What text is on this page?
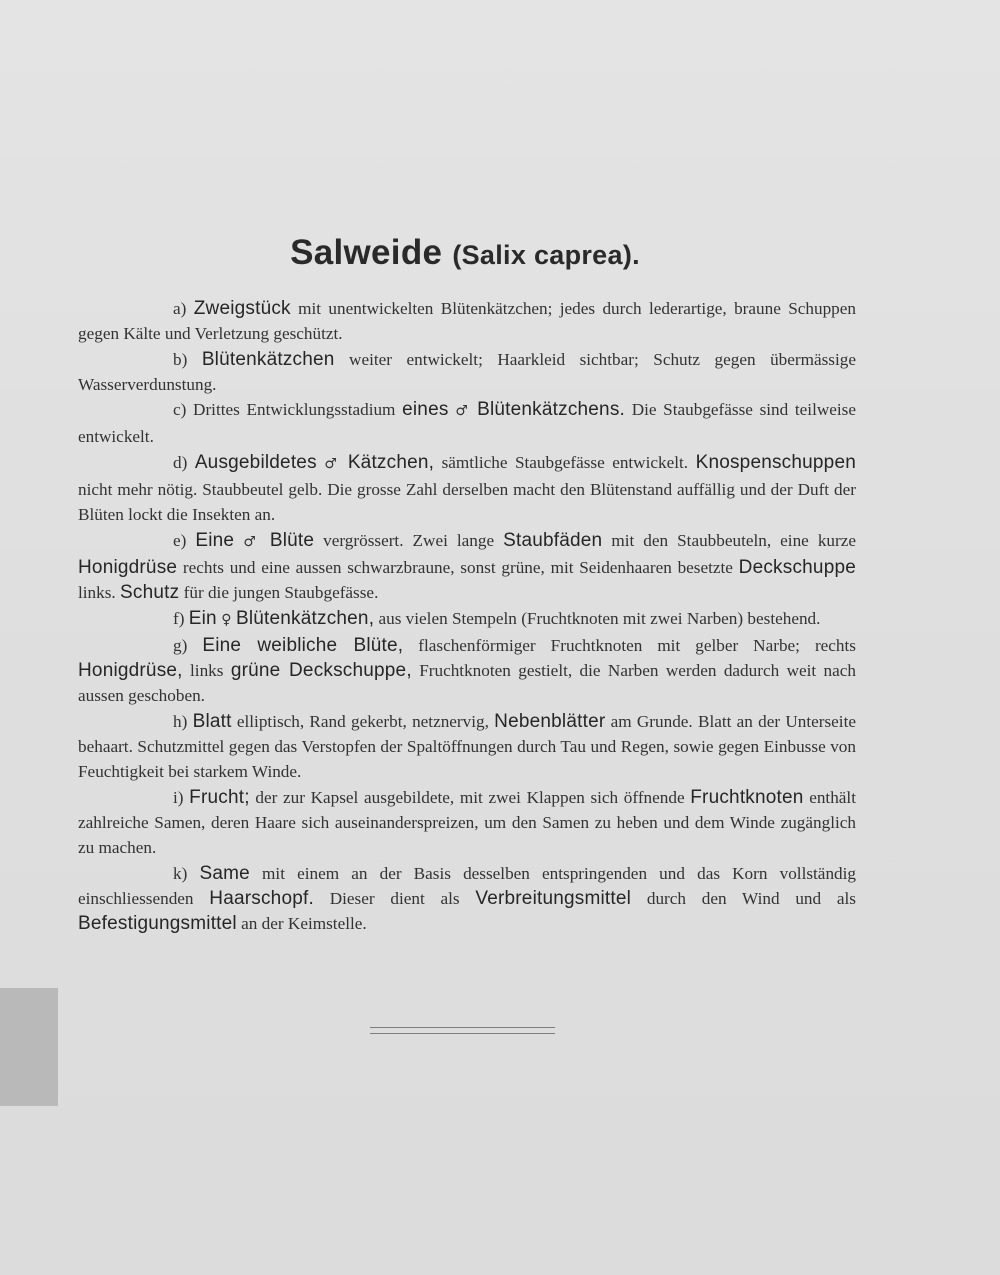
Salweide (Salix caprea).

a) Zweigstück mit unentwickelten Blütenkätzchen; jedes durch lederartige, braune Schuppen gegen Kälte und Verletzung geschützt.

b) Blütenkätzchen weiter entwickelt; Haarkleid sichtbar; Schutz gegen übermässige Wasserverdunstung.

c) Drittes Entwicklungsstadium eines ♂ Blütenkätzchens. Die Staubgefässe sind teilweise entwickelt.

d) Ausgebildetes ♂ Kätzchen, sämtliche Staubgefässe entwickelt. Knospenschuppen nicht mehr nötig. Staubbeutel gelb. Die grosse Zahl derselben macht den Blütenstand auffällig und der Duft der Blüten lockt die Insekten an.

e) Eine ♂ Blüte vergrössert. Zwei lange Staubfäden mit den Staubbeuteln, eine kurze Honigdrüse rechts und eine aussen schwarzbraune, sonst grüne, mit Seidenhaaren besetzte Deckschuppe links. Schutz für die jungen Staubgefässe.

f) Ein ♀ Blütenkätzchen, aus vielen Stempeln (Fruchtknoten mit zwei Narben) bestehend.

g) Eine weibliche Blüte, flaschenförmiger Fruchtknoten mit gelber Narbe; rechts Honigdrüse, links grüne Deckschuppe, Fruchtknoten gestielt, die Narben werden dadurch weit nach aussen geschoben.

h) Blatt elliptisch, Rand gekerbt, netznervig, Nebenblätter am Grunde. Blatt an der Unterseite behaart. Schutzmittel gegen das Verstopfen der Spaltöffnungen durch Tau und Regen, sowie gegen Einbusse von Feuchtigkeit bei starkem Winde.

i) Frucht; der zur Kapsel ausgebildete, mit zwei Klappen sich öffnende Fruchtknoten enthält zahlreiche Samen, deren Haare sich auseinanderspreizen, um den Samen zu heben und dem Winde zugänglich zu machen.

k) Same mit einem an der Basis desselben entspringenden und das Korn vollständig einschliessenden Haarschopf. Dieser dient als Verbreitungsmittel durch den Wind und als Befestigungsmittel an der Keimstelle.
